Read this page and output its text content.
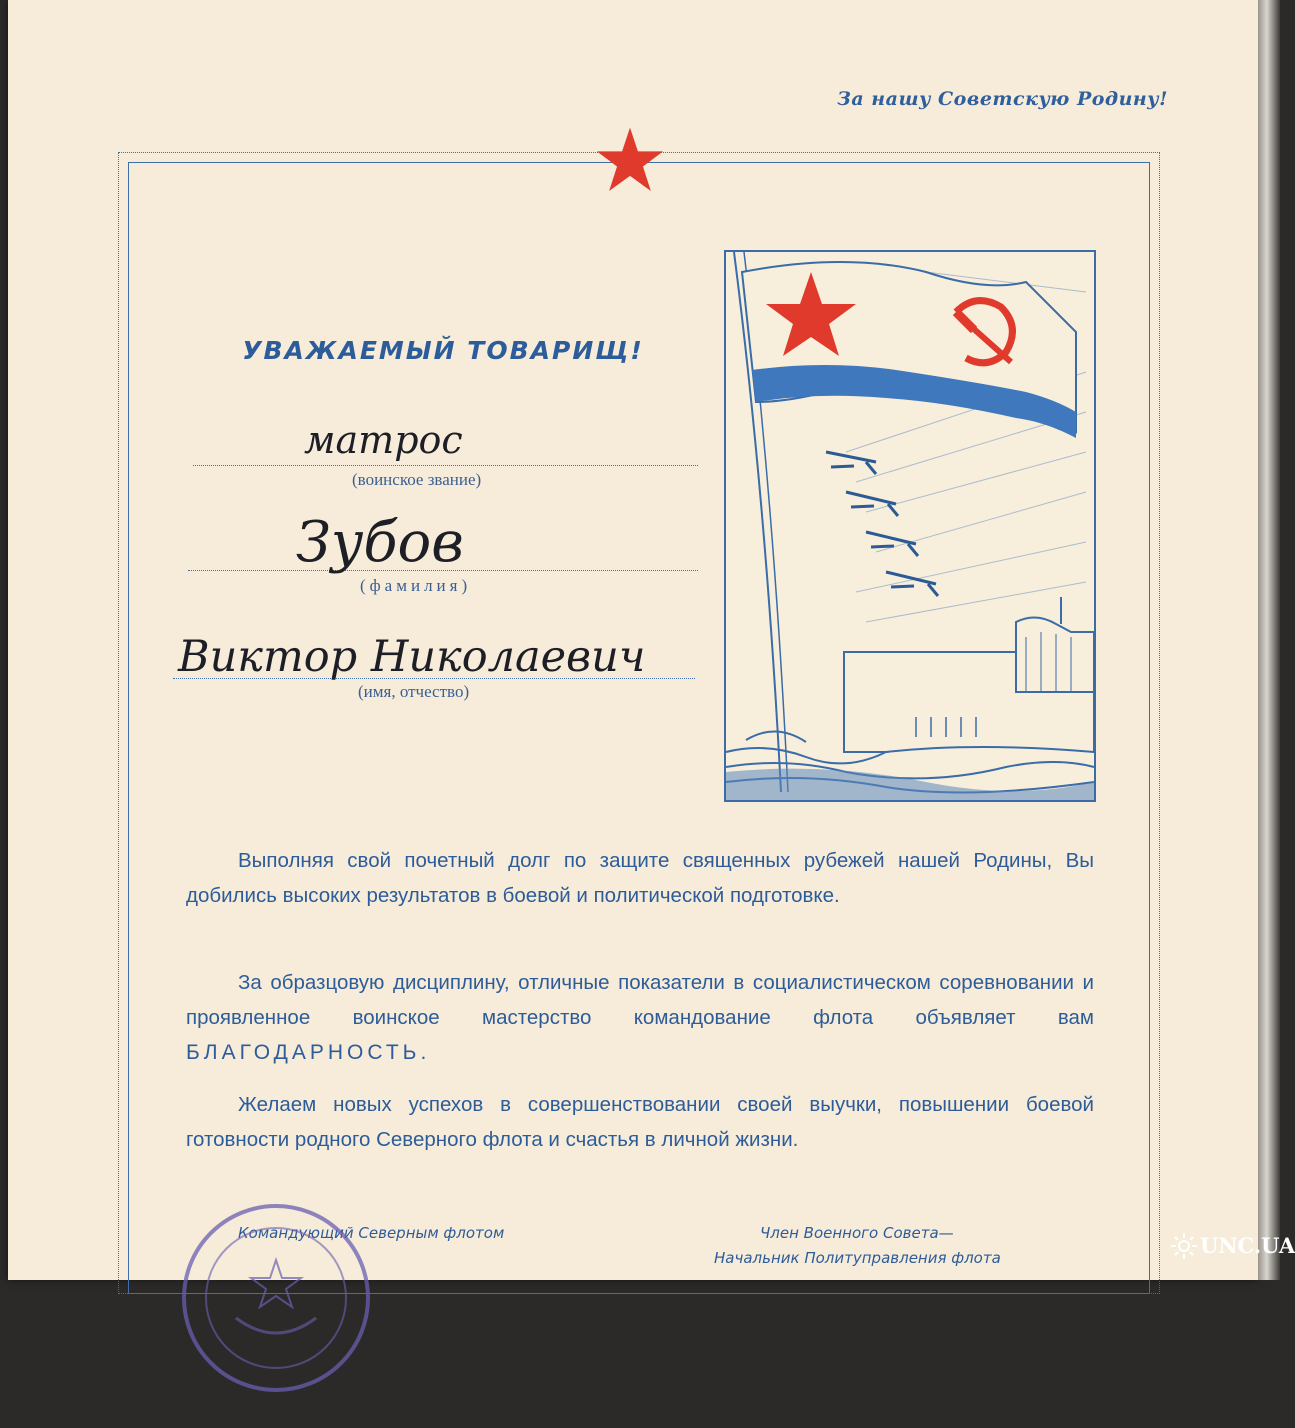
За нашу Советскую Родину!
УВАЖАЕМЫЙ ТОВАРИЩ!
матрос
(воинское звание)
Зубов
(фамилия)
Виктор Николаевич
(имя, отчество)

Выполняя свой почетный долг по защите священных рубежей нашей Родины, Вы добились высоких результатов в боевой и политической подготовке.

За образцовую дисциплину, отличные показатели в социалистическом соревновании и проявленное воинское мастерство командование флота объявляет вам БЛАГОДАРНОСТЬ.

Желаем новых успехов в совершенствовании своей выучки, повышении боевой готовности родного Северного флота и счастья в личной жизни.

Командующий Северным флотом	Член Военного Совета—
Начальник Политуправления флота	UNC.UA
